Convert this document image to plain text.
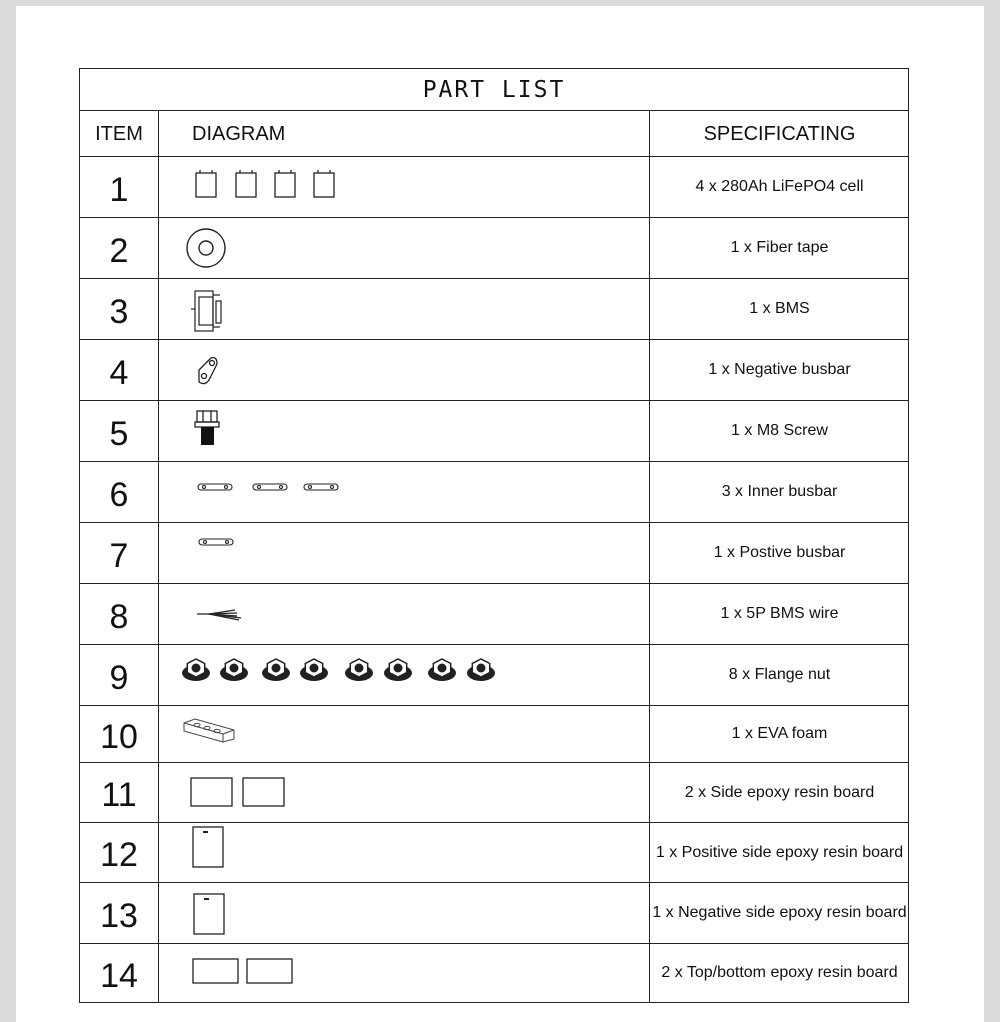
PART LIST
ITEM	DIAGRAM	SPECIFICATING
1	4 x 280Ah LiFePO4 cell
2	1 x Fiber tape
3	1 x BMS
4	1 x Negative busbar
5	1 x M8 Screw
6	3 x Inner busbar
7	1 x Postive busbar
8	1 x 5P BMS wire
9	8 x Flange nut
10	1 x EVA foam
11	2 x Side epoxy resin board
12	1 x Positive side epoxy resin board
13	1 x Negative side epoxy resin board
14	2 x Top/bottom epoxy resin board
